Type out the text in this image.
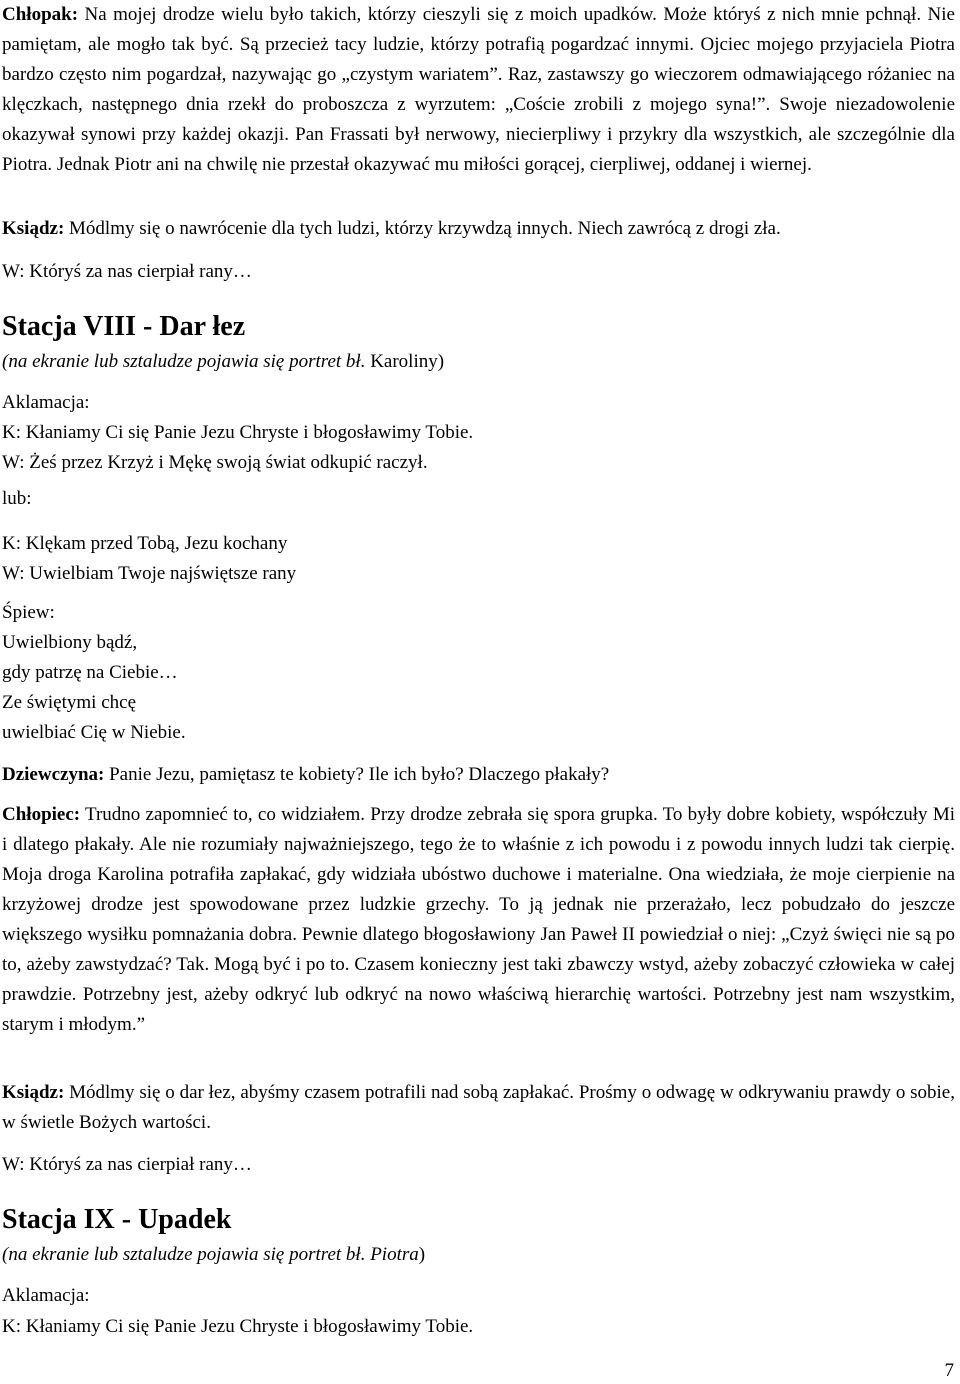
Chłopak: Na mojej drodze wielu było takich, którzy cieszyli się z moich upadków. Może któryś z nich mnie pchnął. Nie pamiętam, ale mogło tak być. Są przecież tacy ludzie, którzy potrafią pogardzać innymi. Ojciec mojego przyjaciela Piotra bardzo często nim pogardzał, nazywając go „czystym wariatem”. Raz, zastawszy go wieczorem odmawiającego różaniec na klęczkach, następnego dnia rzekł do proboszcza z wyrzutem: „Coście zrobili z mojego syna!”. Swoje niezadowolenie okazywał synowi przy każdej okazji. Pan Frassati był nerwowy, niecierpliwy i przykry dla wszystkich, ale szczególnie dla Piotra. Jednak Piotr ani na chwilę nie przestał okazywać mu miłości gorącej, cierpliwej, oddanej i wiernej.

Ksiądz: Módlmy się o nawrócenie dla tych ludzi, którzy krzywdzą innych. Niech zawrócą z drogi zła.

W: Któryś za nas cierpiał rany…

Stacja VIII - Dar łez

(na ekranie lub sztaludze pojawia się portret bł. Karoliny)

Aklamacja:

K: Kłaniamy Ci się Panie Jezu Chryste i błogosławimy Tobie.

W: Żeś przez Krzyż i Mękę swoją świat odkupić raczył.

lub:

K: Klękam przed Tobą, Jezu kochany

W: Uwielbiam Twoje najświętsze rany

Śpiew:

Uwielbiony bądź,

gdy patrzę na Ciebie…

Ze świętymi chcę

uwielbiać Cię w Niebie.

Dziewczyna: Panie Jezu, pamiętasz te kobiety? Ile ich było? Dlaczego płakały?

Chłopiec: Trudno zapomnieć to, co widziałem. Przy drodze zebrała się spora grupka. To były dobre kobiety, współczuły Mi i dlatego płakały. Ale nie rozumiały najważniejszego, tego że to właśnie z ich powodu i z powodu innych ludzi tak cierpię. Moja droga Karolina potrafiła zapłakać, gdy widziała ubóstwo duchowe i materialne. Ona wiedziała, że moje cierpienie na krzyżowej drodze jest spowodowane przez ludzkie grzechy. To ją jednak nie przerażało, lecz pobudzało do jeszcze większego wysiłku pomnażania dobra. Pewnie dlatego błogosławiony Jan Paweł II powiedział o niej: „Czyż święci nie są po to, ażeby zawstydzać? Tak. Mogą być i po to. Czasem konieczny jest taki zbawczy wstyd, ażeby zobaczyć człowieka w całej prawdzie. Potrzebny jest, ażeby odkryć lub odkryć na nowo właściwą hierarchię wartości. Potrzebny jest nam wszystkim, starym i młodym.”

Ksiądz: Módlmy się o dar łez, abyśmy czasem potrafili nad sobą zapłakać. Prośmy o odwagę w odkrywaniu prawdy o sobie, w świetle Bożych wartości.

W: Któryś za nas cierpiał rany…

Stacja IX - Upadek

(na ekranie lub sztaludze pojawia się portret bł. Piotra)

Aklamacja:

K: Kłaniamy Ci się Panie Jezu Chryste i błogosławimy Tobie.

7
